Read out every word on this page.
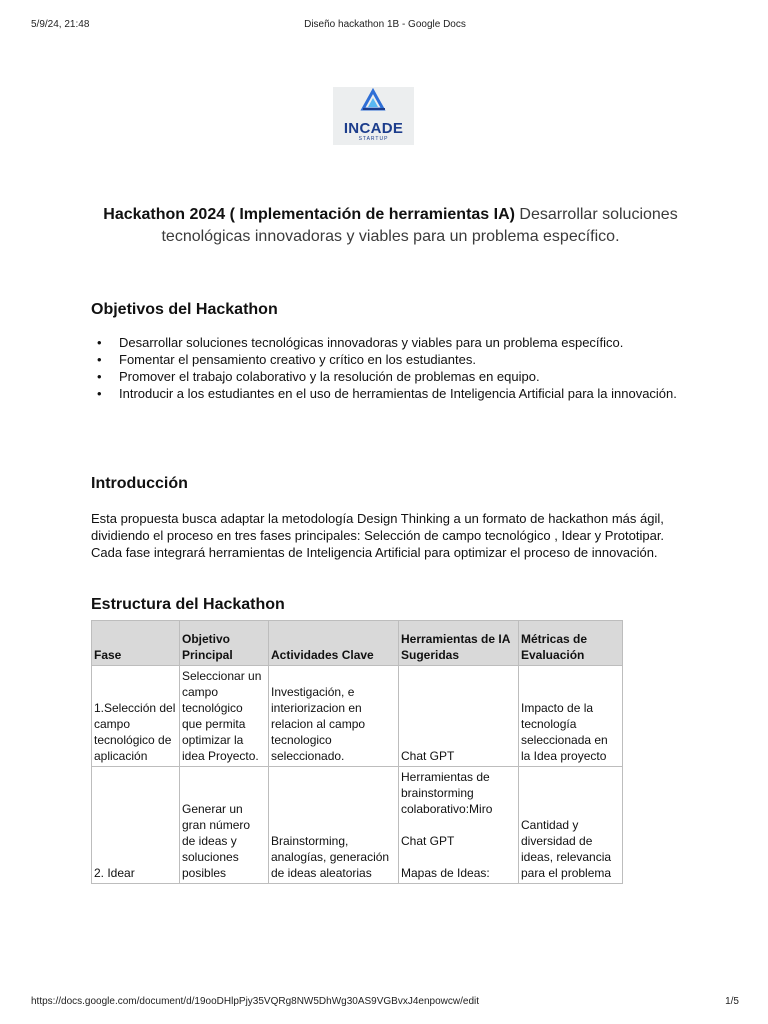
5/9/24, 21:48	Diseño hackathon 1B - Google Docs
INCADE
STARTUP
Hackathon 2024 ( Implementación de herramientas IA) Desarrollar soluciones tecnológicas innovadoras y viables para un problema específico.
Objetivos del Hackathon
• Desarrollar soluciones tecnológicas innovadoras y viables para un problema específico.
• Fomentar el pensamiento creativo y crítico en los estudiantes.
• Promover el trabajo colaborativo y la resolución de problemas en equipo.
• Introducir a los estudiantes en el uso de herramientas de Inteligencia Artificial para la innovación.
Introducción

Esta propuesta busca adaptar la metodología Design Thinking a un formato de hackathon más ágil, dividiendo el proceso en tres fases principales: Selección de campo tecnológico , Idear y Prototipar. Cada fase integrará herramientas de Inteligencia Artificial para optimizar el proceso de innovación.

Estructura del Hackathon
Fase	Objetivo Principal	Actividades Clave	Herramientas de IA Sugeridas	Métricas de Evaluación
1.Selección del campo tecnológico de aplicación	Seleccionar un campo tecnológico que permita optimizar la idea Proyecto.	Investigación, e interiorizacion en relacion al campo tecnologico seleccionado.	Chat GPT	Impacto de la tecnología seleccionada en la Idea proyecto
2. Idear	Generar un gran número de ideas y soluciones posibles	Brainstorming, analogías, generación de ideas aleatorias	Herramientas de brainstorming colaborativo:Miro

Chat GPT

Mapas de Ideas:	Cantidad y diversidad de ideas, relevancia para el problema
https://docs.google.com/document/d/19ooDHlpPjy35VQRg8NW5DhWg30AS9VGBvxJ4enpowcw/edit	1/5
